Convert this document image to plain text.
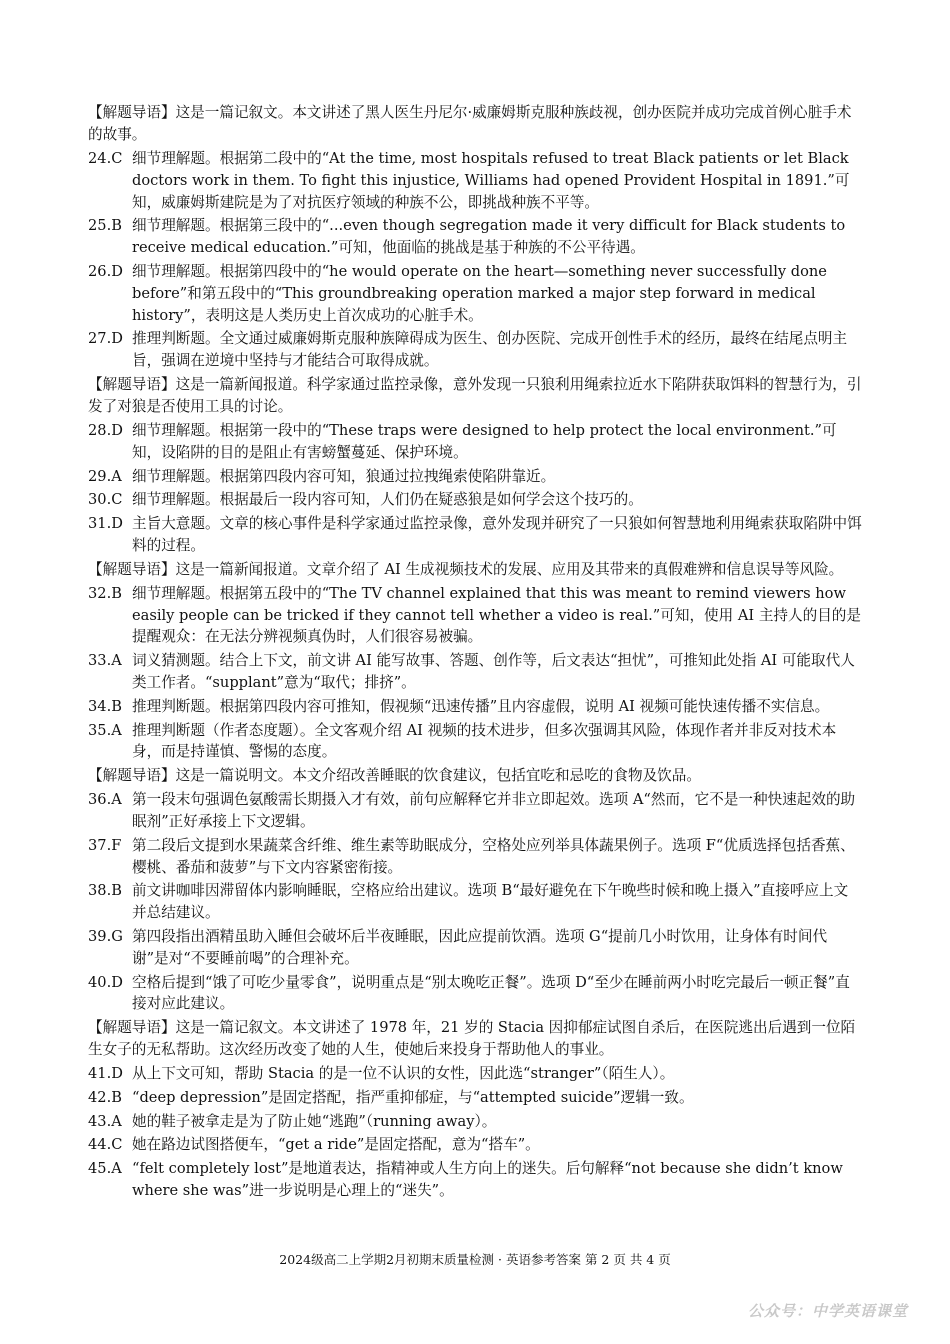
【解题导语】这是一篇记叙文。本文讲述了黑人医生丹尼尔·威廉姆斯克服种族歧视，创办医院并成功完成首例心脏手术的故事。

24.C 细节理解题。根据第二段中的“At the time, most hospitals refused to treat Black patients or let Black doctors work in them. To fight this injustice, Williams had opened Provident Hospital in 1891.”可知，威廉姆斯建院是为了对抗医疗领域的种族不公，即挑战种族不平等。
25.B 细节理解题。根据第三段中的“...even though segregation made it very difficult for Black students to receive medical education.”可知，他面临的挑战是基于种族的不公平待遇。
26.D 细节理解题。根据第四段中的“he would operate on the heart—something never successfully done before”和第五段中的“This groundbreaking operation marked a major step forward in medical history”，表明这是人类历史上首次成功的心脏手术。
27.D 推理判断题。全文通过威廉姆斯克服种族障碍成为医生、创办医院、完成开创性手术的经历，最终在结尾点明主旨，强调在逆境中坚持与才能结合可取得成就。

【解题导语】这是一篇新闻报道。科学家通过监控录像，意外发现一只狼利用绳索拉近水下陷阱获取饵料的智慧行为，引发了对狼是否使用工具的讨论。

28.D 细节理解题。根据第一段中的“These traps were designed to help protect the local environment.”可知，设陷阱的目的是阻止有害螃蟹蔓延、保护环境。
29.A 细节理解题。根据第四段内容可知，狼通过拉拽绳索使陷阱靠近。
30.C 细节理解题。根据最后一段内容可知，人们仍在疑惑狼是如何学会这个技巧的。
31.D 主旨大意题。文章的核心事件是科学家通过监控录像，意外发现并研究了一只狼如何智慧地利用绳索获取陷阱中饵料的过程。

【解题导语】这是一篇新闻报道。文章介绍了 AI 生成视频技术的发展、应用及其带来的真假难辨和信息误导等风险。

32.B 细节理解题。根据第五段中的“The TV channel explained that this was meant to remind viewers how easily people can be tricked if they cannot tell whether a video is real.”可知，使用 AI 主持人的目的是提醒观众：在无法分辨视频真伪时，人们很容易被骗。
33.A 词义猜测题。结合上下文，前文讲 AI 能写故事、答题、创作等，后文表达“担忧”，可推知此处指 AI 可能取代人类工作者。“supplant”意为“取代；排挤”。
34.B 推理判断题。根据第四段内容可推知，假视频“迅速传播”且内容虚假，说明 AI 视频可能快速传播不实信息。
35.A 推理判断题（作者态度题）。全文客观介绍 AI 视频的技术进步，但多次强调其风险，体现作者并非反对技术本身，而是持谨慎、警惕的态度。

【解题导语】这是一篇说明文。本文介绍改善睡眠的饮食建议，包括宜吃和忌吃的食物及饮品。

36.A 第一段末句强调色氨酸需长期摄入才有效，前句应解释它并非立即起效。选项 A“然而，它不是一种快速起效的助眠剂”正好承接上下文逻辑。
37.F 第二段后文提到水果蔬菜含纤维、维生素等助眠成分，空格处应列举具体蔬果例子。选项 F“优质选择包括香蕉、樱桃、番茄和菠萝”与下文内容紧密衔接。
38.B 前文讲咖啡因滞留体内影响睡眠，空格应给出建议。选项 B“最好避免在下午晚些时候和晚上摄入”直接呼应上文并总结建议。
39.G 第四段指出酒精虽助入睡但会破坏后半夜睡眠，因此应提前饮酒。选项 G“提前几小时饮用，让身体有时间代谢”是对“不要睡前喝”的合理补充。
40.D 空格后提到“饿了可吃少量零食”，说明重点是“别太晚吃正餐”。选项 D“至少在睡前两小时吃完最后一顿正餐”直接对应此建议。

【解题导语】这是一篇记叙文。本文讲述了 1978 年，21 岁的 Stacia 因抑郁症试图自杀后，在医院逃出后遇到一位陌生女子的无私帮助。这次经历改变了她的人生，使她后来投身于帮助他人的事业。

41.D 从上下文可知，帮助 Stacia 的是一位不认识的女性，因此选“stranger”（陌生人）。
42.B “deep depression”是固定搭配，指严重抑郁症，与“attempted suicide”逻辑一致。
43.A 她的鞋子被拿走是为了防止她“逃跑”（running away）。
44.C 她在路边试图搭便车，“get a ride”是固定搭配，意为“搭车”。
45.A “felt completely lost”是地道表达，指精神或人生方向上的迷失。后句解释“not because she didn’t know where she was”进一步说明是心理上的“迷失”。
2024级高二上学期2月初期末质量检测 · 英语参考答案 第 2 页 共 4 页
公众号：中学英语课堂
